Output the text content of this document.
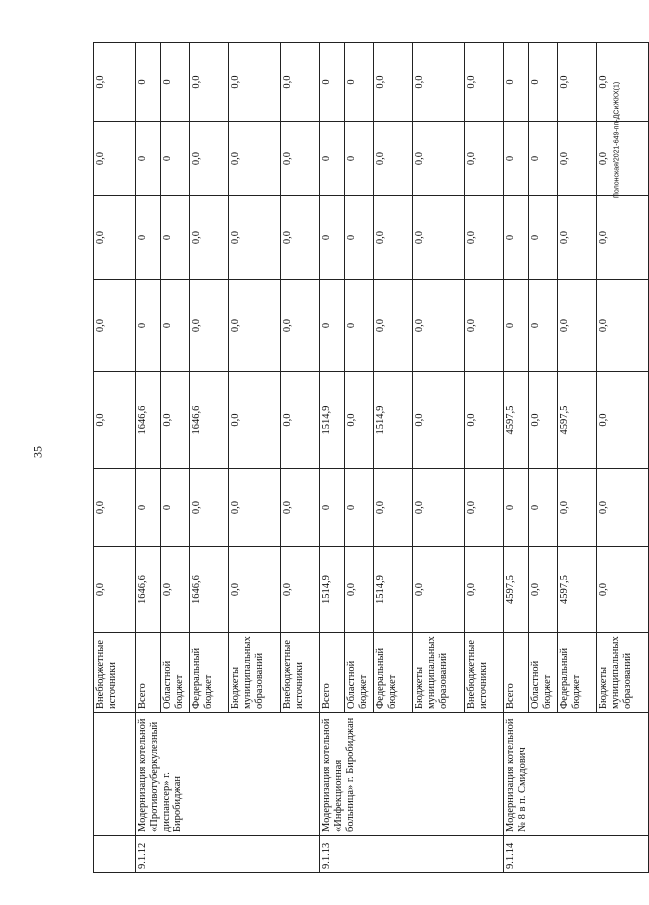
35
Полонская/2021-649-пп-ДСиЖКХ(1)
		Внебюджетные источники	0,0	0,0	0,0	0,0	0,0	0,0	0,0
9.1.12	Модернизация котельной «Противотуберкулезный диспансер» г. Биробиджан	Всего	1646,6	0	1646,6	0	0	0	0
		Областной бюджет	0,0	0	0,0	0	0	0	0
		Федеральный бюджет	1646,6	0,0	1646,6	0,0	0,0	0,0	0,0
		Бюджеты муниципальных образований	0,0	0,0	0,0	0,0	0,0	0,0	0,0
		Внебюджетные источники	0,0	0,0	0,0	0,0	0,0	0,0	0,0
9.1.13	Модернизация котельной «Инфекционная больница» г. Биробиджан	Всего	1514,9	0	1514,9	0	0	0	0
		Областной бюджет	0,0	0	0,0	0	0	0	0
		Федеральный бюджет	1514,9	0,0	1514,9	0,0	0,0	0,0	0,0
		Бюджеты муниципальных образований	0,0	0,0	0,0	0,0	0,0	0,0	0,0
		Внебюджетные источники	0,0	0,0	0,0	0,0	0,0	0,0	0,0
9.1.14	Модернизация котельной № 8 в п. Смидович	Всего	4597,5	0	4597,5	0	0	0	0
		Областной бюджет	0,0	0	0,0	0	0	0	0
		Федеральный бюджет	4597,5	0,0	4597,5	0,0	0,0	0,0	0,0
		Бюджеты муниципальных образований	0,0	0,0	0,0	0,0	0,0	0,0	0,0
